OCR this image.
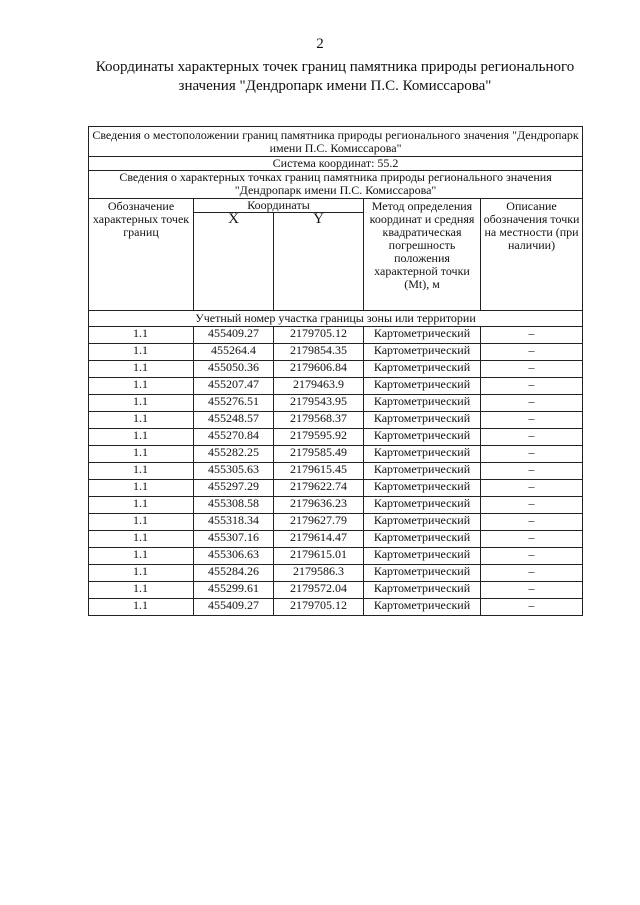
2
Координаты характерных точек границ памятника природы регионального значения "Дендропарк имени П.С. Комиссарова"
Сведения о местоположении границ памятника природы регионального значения "Дендропарк имени П.С. Комиссарова"				
Система координат: 55.2				
Сведения о характерных точках границ памятника природы регионального значения "Дендропарк имени П.С. Комиссарова"				
Обозначение характерных точек границ	Координаты		Метод определения координат и средняя квадратическая погрешность положения характерной точки (Mt), м	Описание обозначения точки на местности (при наличии)
	X	Y		
Учетный номер участка границы зоны или территории				
1.1	455409.27	2179705.12	Картометрический	–
1.1	455264.4	2179854.35	Картометрический	–
1.1	455050.36	2179606.84	Картометрический	–
1.1	455207.47	2179463.9	Картометрический	–
1.1	455276.51	2179543.95	Картометрический	–
1.1	455248.57	2179568.37	Картометрический	–
1.1	455270.84	2179595.92	Картометрический	–
1.1	455282.25	2179585.49	Картометрический	–
1.1	455305.63	2179615.45	Картометрический	–
1.1	455297.29	2179622.74	Картометрический	–
1.1	455308.58	2179636.23	Картометрический	–
1.1	455318.34	2179627.79	Картометрический	–
1.1	455307.16	2179614.47	Картометрический	–
1.1	455306.63	2179615.01	Картометрический	–
1.1	455284.26	2179586.3	Картометрический	–
1.1	455299.61	2179572.04	Картометрический	–
1.1	455409.27	2179705.12	Картометрический	–
